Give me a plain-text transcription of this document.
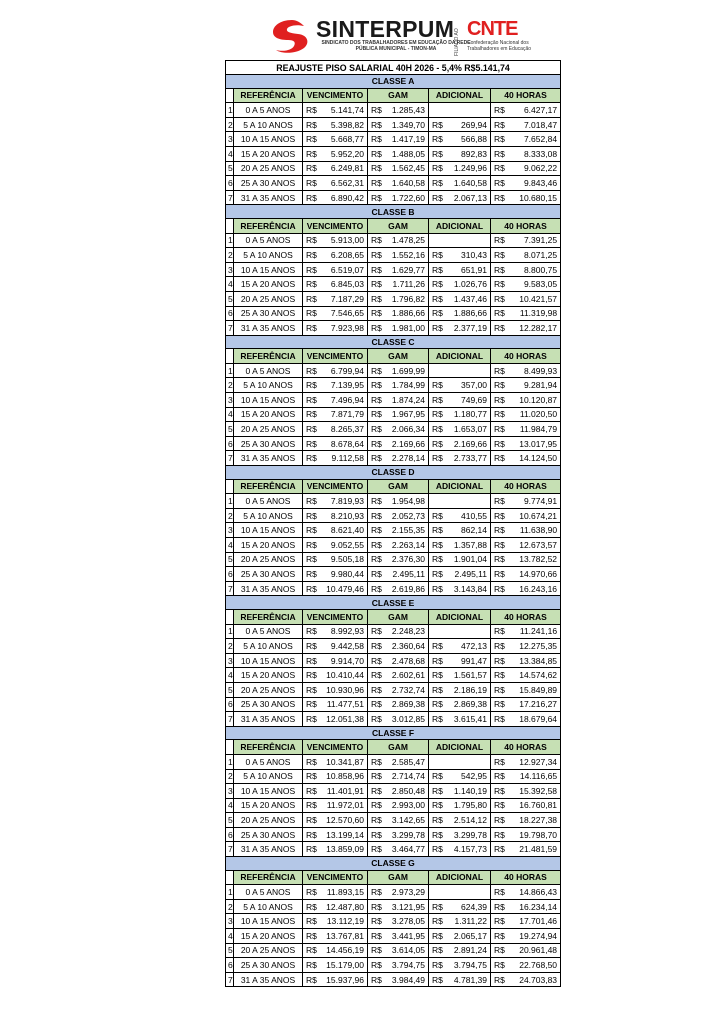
SINTERPUM
SINDICATO DOS TRABALHADORES EM EDUCAÇÃO DA REDE PÚBLICA MUNICIPAL - TIMON-MA	FILIADO AO CNTE
Confederação Nacional dos Trabalhadores em Educação
REAJUSTE PISO SALARIAL 40H 2026 - 5,4% R$5.141,74					
CLASSE A					
	REFERÊNCIA	VENCIMENTO	GAM	ADICIONAL	40 HORAS
1	0 A 5 ANOS	R$ 5.141,74	R$ 1.285,43		R$ 6.427,17

2	5 A 10 ANOS	R$ 5.398,82	R$ 1.349,70	R$ 269,94	R$ 7.018,47

3	10 A 15 ANOS	R$ 5.668,77	R$ 1.417,19	R$ 566,88	R$ 7.652,84

4	15 A 20 ANOS	R$ 5.952,20	R$ 1.488,05	R$ 892,83	R$ 8.333,08

5	20 A 25 ANOS	R$ 6.249,81	R$ 1.562,45	R$ 1.249,96	R$ 9.062,22

6	25 A 30 ANOS	R$ 6.562,31	R$ 1.640,58	R$ 1.640,58	R$ 9.843,46

7	31 A 35 ANOS	R$ 6.890,42	R$ 1.722,60	R$ 2.067,13	R$ 10.680,15

CLASSE B					
	REFERÊNCIA	VENCIMENTO	GAM	ADICIONAL	40 HORAS
1	0 A 5 ANOS	R$ 5.913,00	R$ 1.478,25		R$ 7.391,25

2	5 A 10 ANOS	R$ 6.208,65	R$ 1.552,16	R$ 310,43	R$ 8.071,25

3	10 A 15 ANOS	R$ 6.519,07	R$ 1.629,77	R$ 651,91	R$ 8.800,75

4	15 A 20 ANOS	R$ 6.845,03	R$ 1.711,26	R$ 1.026,76	R$ 9.583,05

5	20 A 25 ANOS	R$ 7.187,29	R$ 1.796,82	R$ 1.437,46	R$ 10.421,57

6	25 A 30 ANOS	R$ 7.546,65	R$ 1.886,66	R$ 1.886,66	R$ 11.319,98

7	31 A 35 ANOS	R$ 7.923,98	R$ 1.981,00	R$ 2.377,19	R$ 12.282,17

CLASSE C					
	REFERÊNCIA	VENCIMENTO	GAM	ADICIONAL	40 HORAS
1	0 A 5 ANOS	R$ 6.799,94	R$ 1.699,99		R$ 8.499,93

2	5 A 10 ANOS	R$ 7.139,95	R$ 1.784,99	R$ 357,00	R$ 9.281,94

3	10 A 15 ANOS	R$ 7.496,94	R$ 1.874,24	R$ 749,69	R$ 10.120,87

4	15 A 20 ANOS	R$ 7.871,79	R$ 1.967,95	R$ 1.180,77	R$ 11.020,50

5	20 A 25 ANOS	R$ 8.265,37	R$ 2.066,34	R$ 1.653,07	R$ 11.984,79

6	25 A 30 ANOS	R$ 8.678,64	R$ 2.169,66	R$ 2.169,66	R$ 13.017,95

7	31 A 35 ANOS	R$ 9.112,58	R$ 2.278,14	R$ 2.733,77	R$ 14.124,50

CLASSE D					
	REFERÊNCIA	VENCIMENTO	GAM	ADICIONAL	40 HORAS
1	0 A 5 ANOS	R$ 7.819,93	R$ 1.954,98		R$ 9.774,91

2	5 A 10 ANOS	R$ 8.210,93	R$ 2.052,73	R$ 410,55	R$ 10.674,21

3	10 A 15 ANOS	R$ 8.621,40	R$ 2.155,35	R$ 862,14	R$ 11.638,90

4	15 A 20 ANOS	R$ 9.052,55	R$ 2.263,14	R$ 1.357,88	R$ 12.673,57

5	20 A 25 ANOS	R$ 9.505,18	R$ 2.376,30	R$ 1.901,04	R$ 13.782,52

6	25 A 30 ANOS	R$ 9.980,44	R$ 2.495,11	R$ 2.495,11	R$ 14.970,66

7	31 A 35 ANOS	R$ 10.479,46	R$ 2.619,86	R$ 3.143,84	R$ 16.243,16

CLASSE E					
	REFERÊNCIA	VENCIMENTO	GAM	ADICIONAL	40 HORAS
1	0 A 5 ANOS	R$ 8.992,93	R$ 2.248,23		R$ 11.241,16

2	5 A 10 ANOS	R$ 9.442,58	R$ 2.360,64	R$ 472,13	R$ 12.275,35

3	10 A 15 ANOS	R$ 9.914,70	R$ 2.478,68	R$ 991,47	R$ 13.384,85

4	15 A 20 ANOS	R$ 10.410,44	R$ 2.602,61	R$ 1.561,57	R$ 14.574,62

5	20 A 25 ANOS	R$ 10.930,96	R$ 2.732,74	R$ 2.186,19	R$ 15.849,89

6	25 A 30 ANOS	R$ 11.477,51	R$ 2.869,38	R$ 2.869,38	R$ 17.216,27

7	31 A 35 ANOS	R$ 12.051,38	R$ 3.012,85	R$ 3.615,41	R$ 18.679,64

CLASSE F					
	REFERÊNCIA	VENCIMENTO	GAM	ADICIONAL	40 HORAS
1	0 A 5 ANOS	R$ 10.341,87	R$ 2.585,47		R$ 12.927,34

2	5 A 10 ANOS	R$ 10.858,96	R$ 2.714,74	R$ 542,95	R$ 14.116,65

3	10 A 15 ANOS	R$ 11.401,91	R$ 2.850,48	R$ 1.140,19	R$ 15.392,58

4	15 A 20 ANOS	R$ 11.972,01	R$ 2.993,00	R$ 1.795,80	R$ 16.760,81

5	20 A 25 ANOS	R$ 12.570,60	R$ 3.142,65	R$ 2.514,12	R$ 18.227,38

6	25 A 30 ANOS	R$ 13.199,14	R$ 3.299,78	R$ 3.299,78	R$ 19.798,70

7	31 A 35 ANOS	R$ 13.859,09	R$ 3.464,77	R$ 4.157,73	R$ 21.481,59

CLASSE G					
	REFERÊNCIA	VENCIMENTO	GAM	ADICIONAL	40 HORAS
1	0 A 5 ANOS	R$ 11.893,15	R$ 2.973,29		R$ 14.866,43

2	5 A 10 ANOS	R$ 12.487,80	R$ 3.121,95	R$ 624,39	R$ 16.234,14

3	10 A 15 ANOS	R$ 13.112,19	R$ 3.278,05	R$ 1.311,22	R$ 17.701,46

4	15 A 20 ANOS	R$ 13.767,81	R$ 3.441,95	R$ 2.065,17	R$ 19.274,94

5	20 A 25 ANOS	R$ 14.456,19	R$ 3.614,05	R$ 2.891,24	R$ 20.961,48

6	25 A 30 ANOS	R$ 15.179,00	R$ 3.794,75	R$ 3.794,75	R$ 22.768,50

7	31 A 35 ANOS	R$ 15.937,96	R$ 3.984,49	R$ 4.781,39	R$ 24.703,83
